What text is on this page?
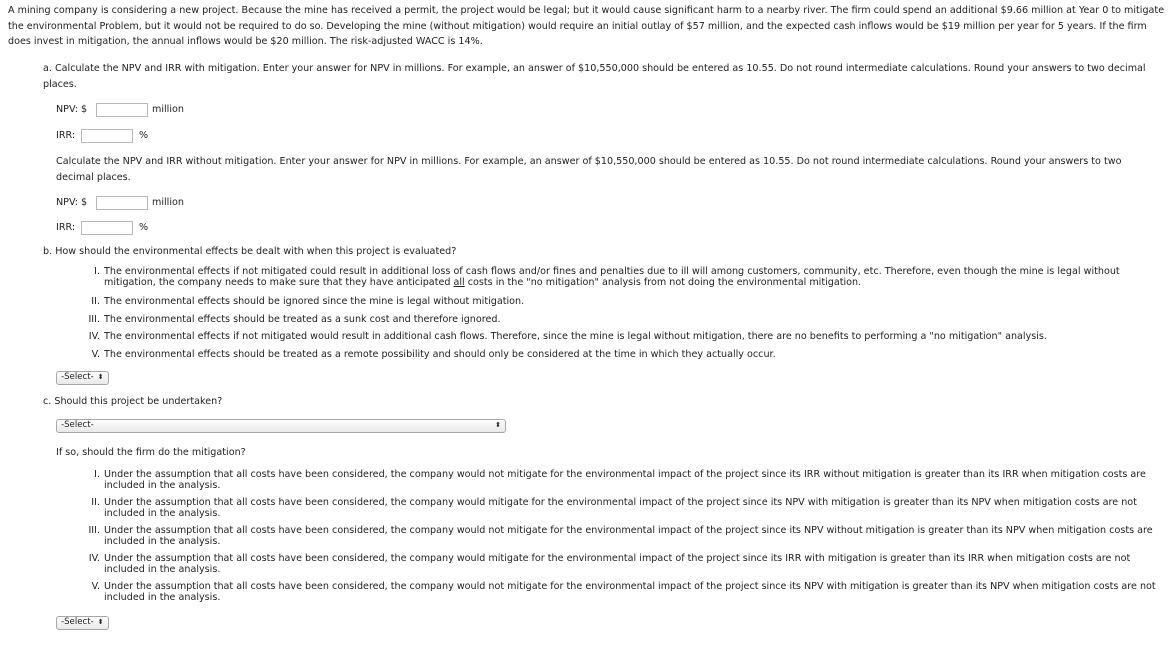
A mining company is considering a new project. Because the mine has received a permit, the project would be legal; but it would cause significant harm to a nearby river. The firm could spend an additional $9.66 million at Year 0 to mitigate the environmental Problem, but it would not be required to do so. Developing the mine (without mitigation) would require an initial outlay of $57 million, and the expected cash inflows would be $19 million per year for 5 years. If the firm does invest in mitigation, the annual inflows would be $20 million. The risk-adjusted WACC is 14%.
a. Calculate the NPV and IRR with mitigation. Enter your answer for NPV in millions. For example, an answer of $10,550,000 should be entered as 10.55. Do not round intermediate calculations. Round your answers to two decimal places.
NPV: $	million
IRR:	%
Calculate the NPV and IRR without mitigation. Enter your answer for NPV in millions. For example, an answer of $10,550,000 should be entered as 10.55. Do not round intermediate calculations. Round your answers to two decimal places.
NPV: $	million
IRR:	%
b. How should the environmental effects be dealt with when this project is evaluated?
I. The environmental effects if not mitigated could result in additional loss of cash flows and/or fines and penalties due to ill will among customers, community, etc. Therefore, even though the mine is legal without mitigation, the company needs to make sure that they have anticipated all costs in the "no mitigation" analysis from not doing the environmental mitigation.
II. The environmental effects should be ignored since the mine is legal without mitigation.
III. The environmental effects should be treated as a sunk cost and therefore ignored.
IV. The environmental effects if not mitigated would result in additional cash flows. Therefore, since the mine is legal without mitigation, there are no benefits to performing a "no mitigation" analysis.
V. The environmental effects should be treated as a remote possibility and should only be considered at the time in which they actually occur.
-Select- ⬍
c. Should this project be undertaken?
-Select-	⬍
If so, should the firm do the mitigation?
I. Under the assumption that all costs have been considered, the company would not mitigate for the environmental impact of the project since its IRR without mitigation is greater than its IRR when mitigation costs are included in the analysis.
II. Under the assumption that all costs have been considered, the company would mitigate for the environmental impact of the project since its NPV with mitigation is greater than its NPV when mitigation costs are not included in the analysis.
III. Under the assumption that all costs have been considered, the company would not mitigate for the environmental impact of the project since its NPV without mitigation is greater than its NPV when mitigation costs are included in the analysis.
IV. Under the assumption that all costs have been considered, the company would mitigate for the environmental impact of the project since its IRR with mitigation is greater than its IRR when mitigation costs are not included in the analysis.
V. Under the assumption that all costs have been considered, the company would not mitigate for the environmental impact of the project since its NPV with mitigation is greater than its NPV when mitigation costs are not included in the analysis.
-Select- ⬍
